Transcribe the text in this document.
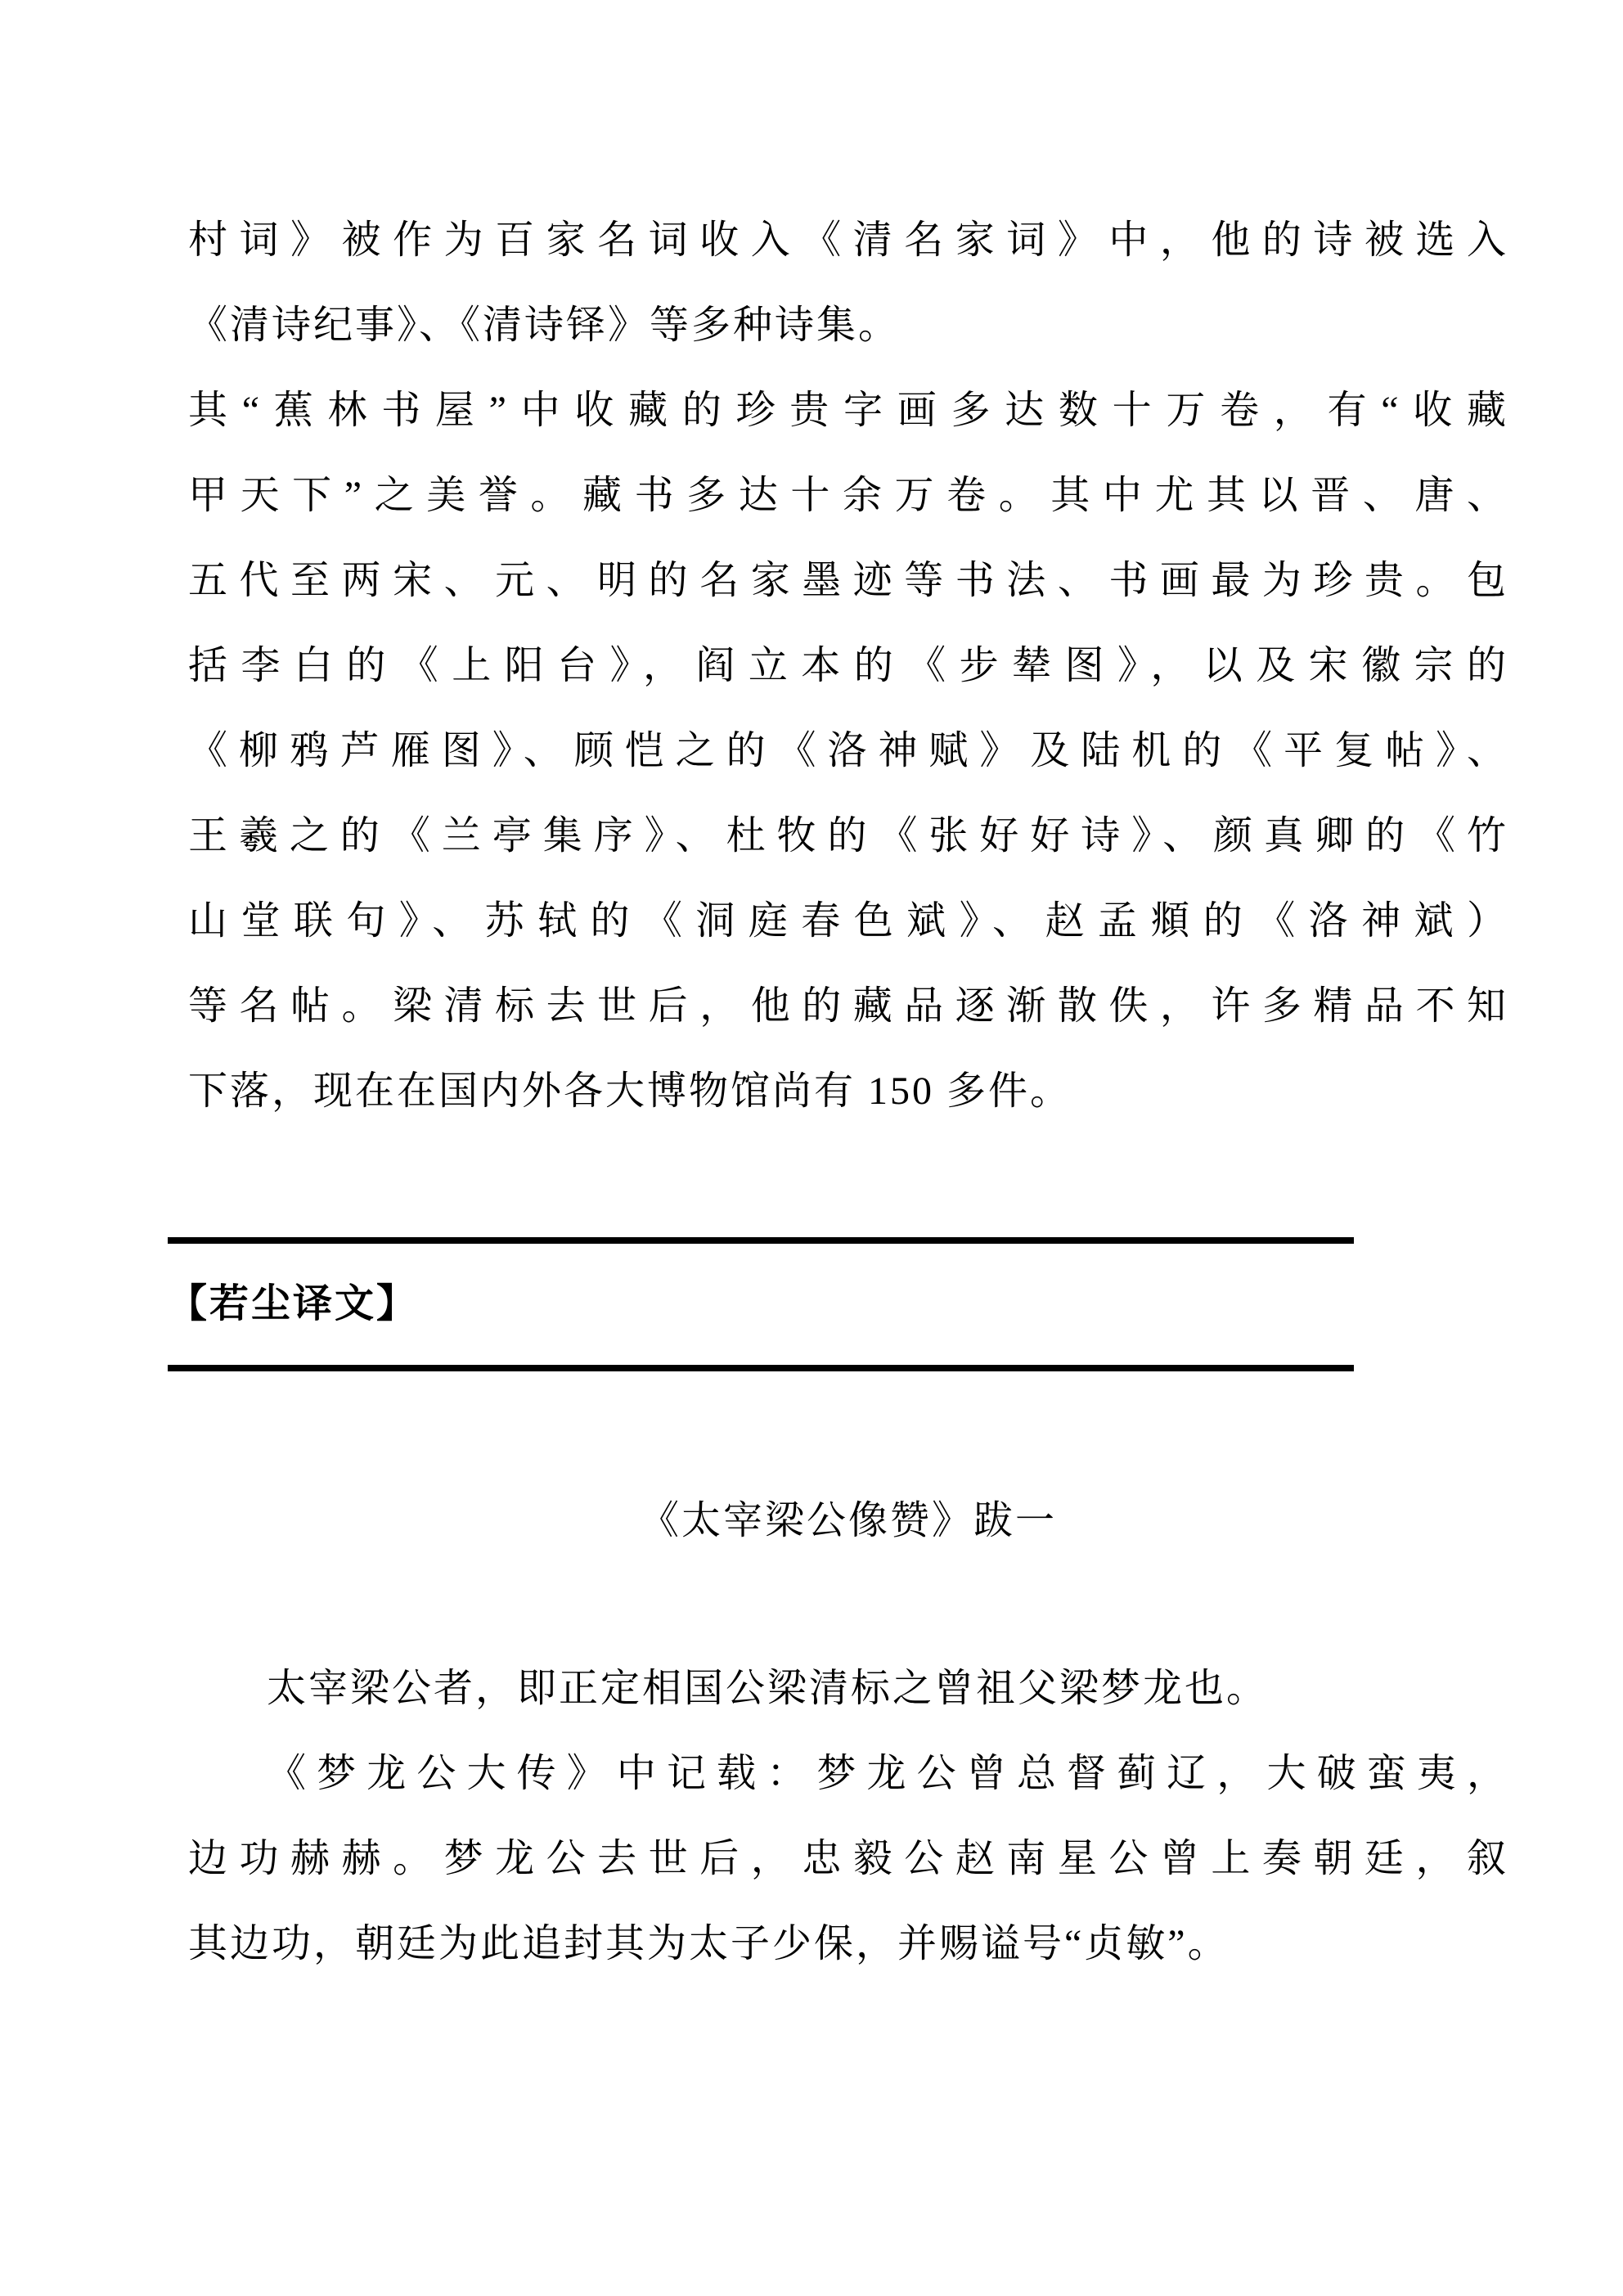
村词》被作为百家名词收入《清名家词》中，他的诗被选入
《清诗纪事》、《清诗铎》等多种诗集。
其“蕉林书屋”中收藏的珍贵字画多达数十万卷，有“收藏
甲天下”之美誉。藏书多达十余万卷。其中尤其以晋、唐、
五代至两宋、元、明的名家墨迹等书法、书画最为珍贵。包
括李白的《上阳台》，阎立本的《步辇图》，以及宋徽宗的
《柳鸦芦雁图》、顾恺之的《洛神赋》及陆机的《平复帖》、
王羲之的《兰亭集序》、杜牧的《张好好诗》、颜真卿的《竹
山堂联句》、苏轼的《洞庭春色斌》、赵孟頫的《洛神斌）
等名帖。梁清标去世后，他的藏品逐渐散佚，许多精品不知
下落，现在在国内外各大博物馆尚有 150 多件。
【若尘译文】
《太宰梁公像赞》跋一
太宰梁公者，即正定相国公梁清标之曾祖父梁梦龙也。
《梦龙公大传》中记载：梦龙公曾总督蓟辽，大破蛮夷，
边功赫赫。梦龙公去世后，忠毅公赵南星公曾上奏朝廷，叙
其边功，朝廷为此追封其为太子少保，并赐谥号“贞敏”。
